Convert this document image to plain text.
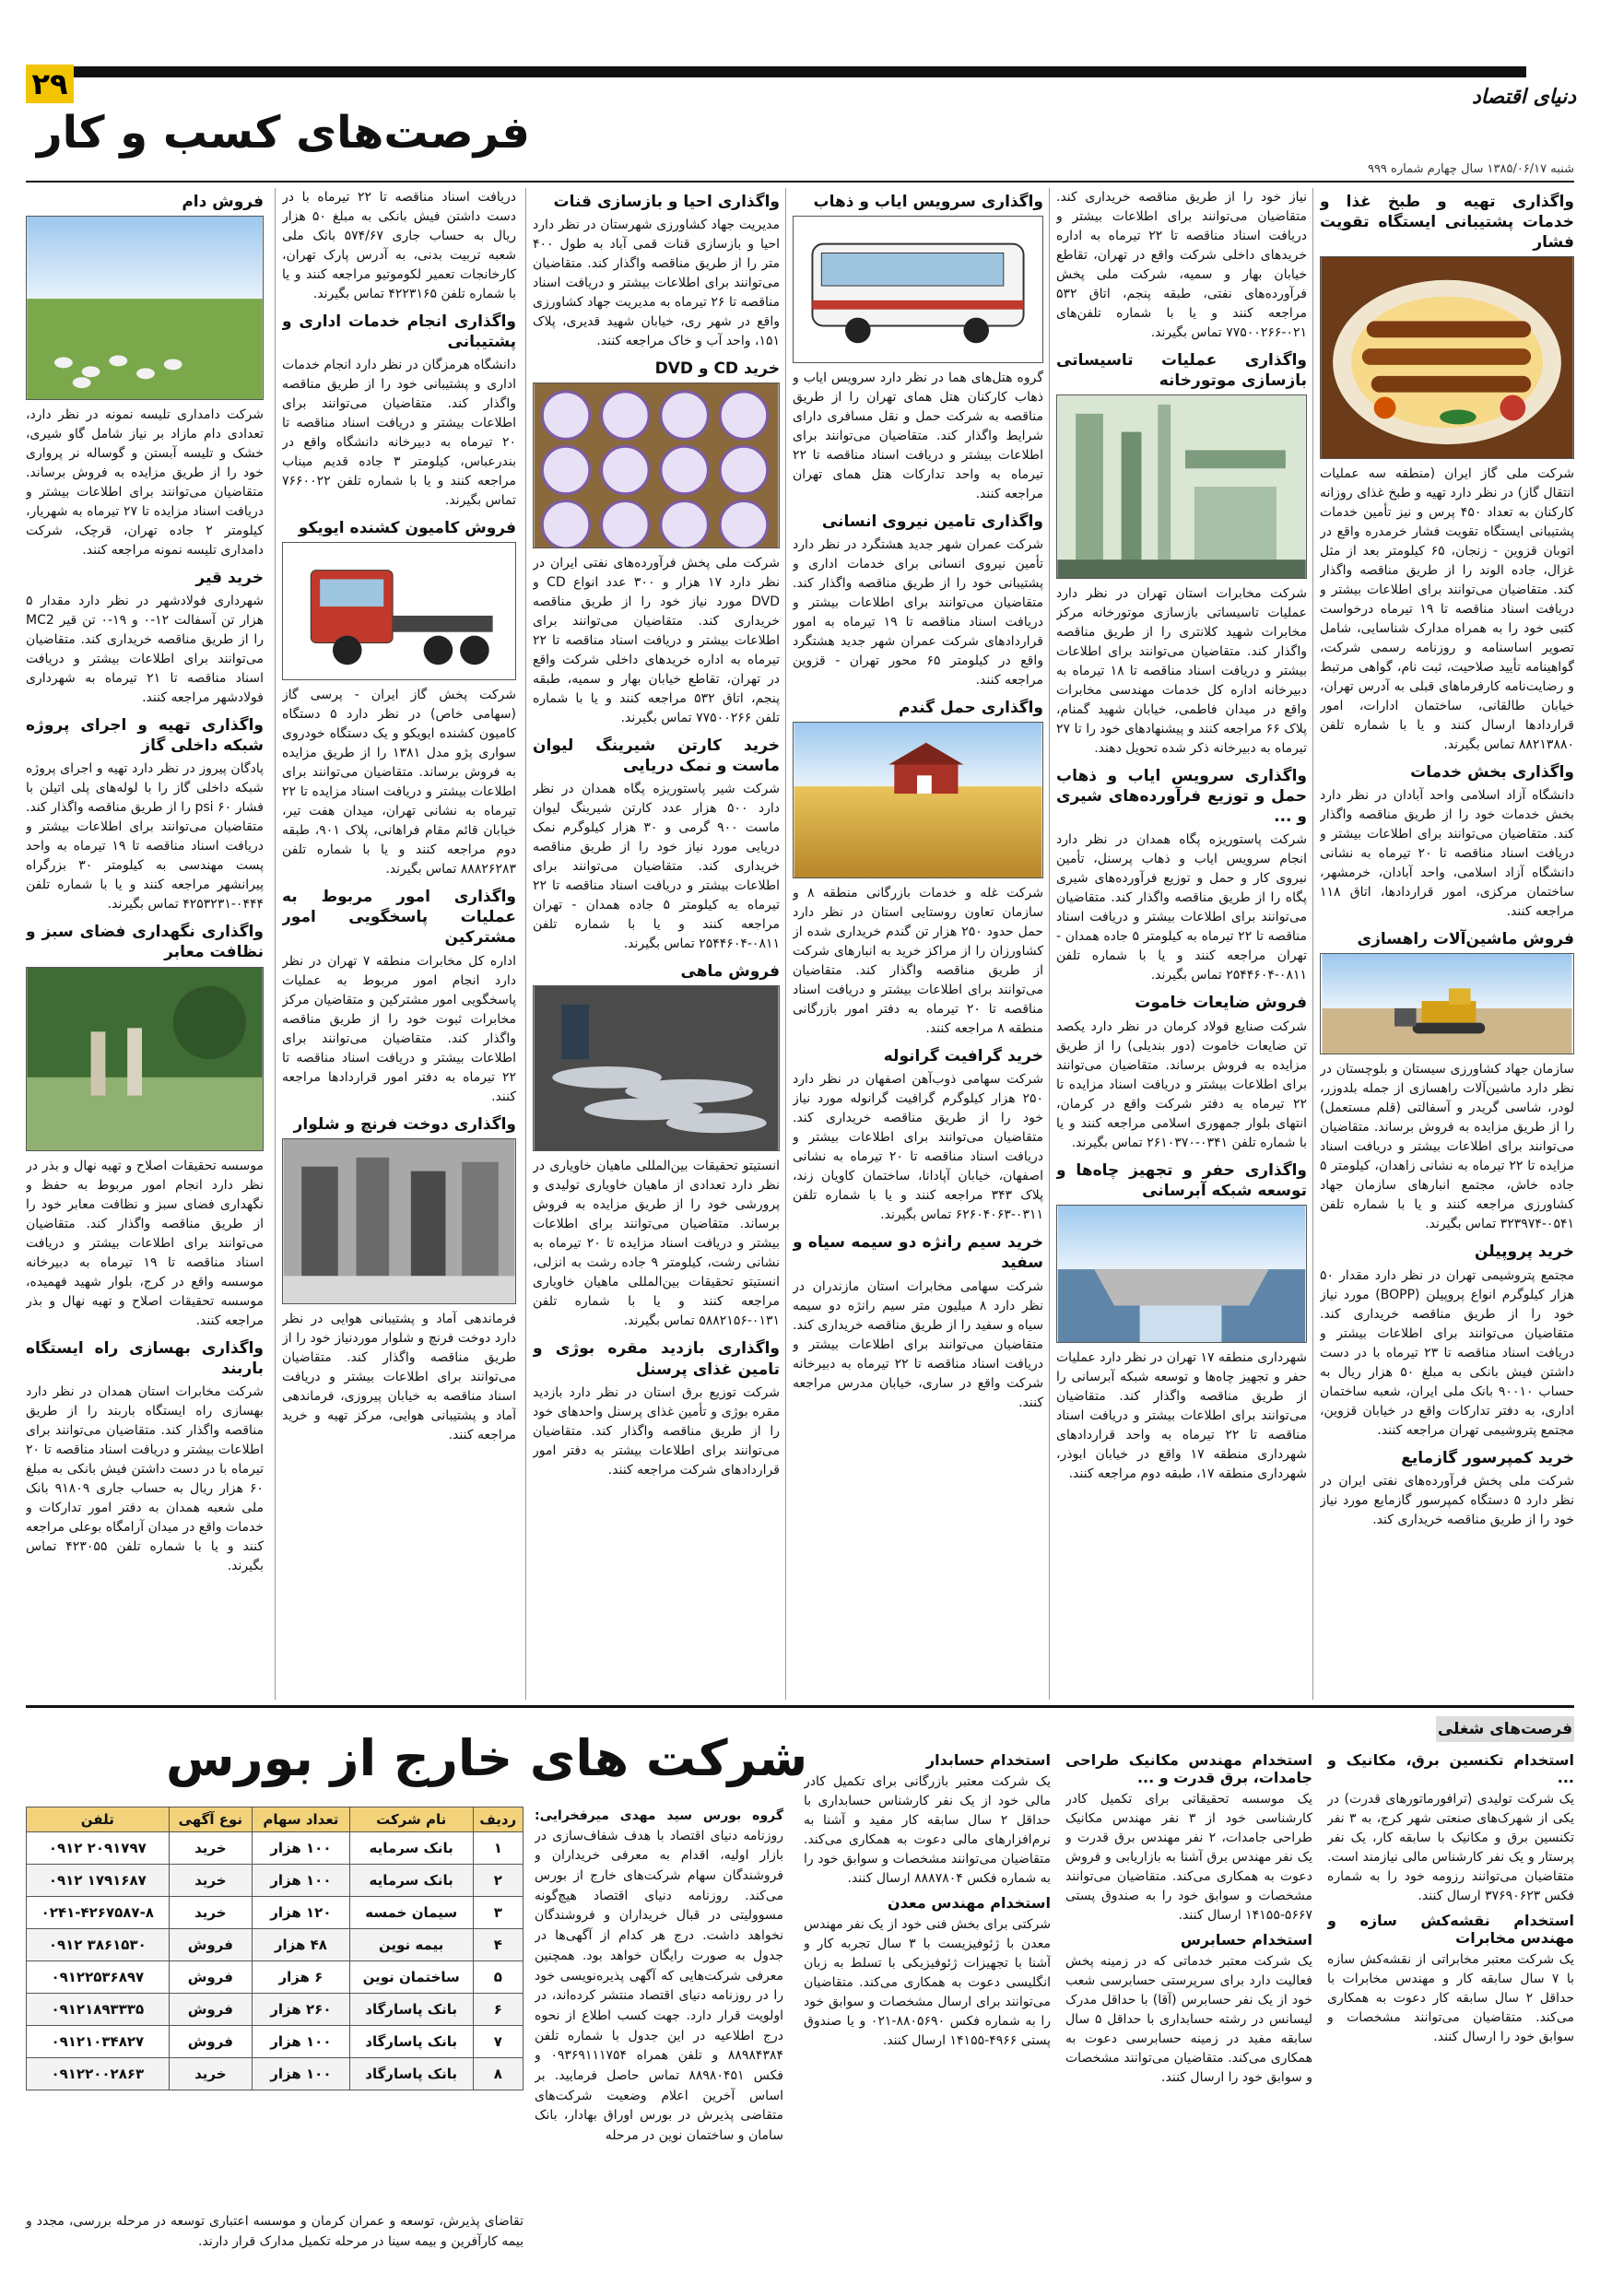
۲۹	دنیای اقتصاد
فرصت‌های کسب و کار
شنبه ۱۳۸۵/۰۶/۱۷ سال چهارم شماره ۹۹۹
واگذاری تهیه و طبخ غذا و خدمات پشتیبانی ایستگاه تقویت فشار

شرکت ملی گاز ایران (منطقه سه عملیات انتقال گاز) در نظر دارد تهیه و طبخ غذای روزانه کارکنان به تعداد ۴۵۰ پرس و نیز تأمین خدمات پشتیبانی ایستگاه تقویت فشار خرمدره واقع در اتوبان قزوین - زنجان، ۶۵ کیلومتر بعد از مثل غزال، جاده الوند را از طریق مناقصه واگذار کند. متقاضیان می‌توانند برای اطلاعات بیشتر و دریافت اسناد مناقصه تا ۱۹ تیرماه درخواست کتبی خود را به همراه مدارک شناسایی، شامل تصویر اساسنامه و روزنامه رسمی شرکت، گواهینامه تأیید صلاحیت، ثبت نام، گواهی مرتبط و رضایت‌نامه کارفرماهای قبلی به آدرس تهران، خیابان طالقانی، ساختمان ادارات، امور قراردادها ارسال کنند و یا با شماره تلفن ۸۸۲۱۳۸۸۰ تماس بگیرند.

واگذاری بخش خدمات

دانشگاه آزاد اسلامی واحد آبادان در نظر دارد بخش خدمات خود را از طریق مناقصه واگذار کند. متقاضیان می‌توانند برای اطلاعات بیشتر و دریافت اسناد مناقصه تا ۲۰ تیرماه به نشانی دانشگاه آزاد اسلامی، واحد آبادان، خرمشهر، ساختمان مرکزی، امور قراردادها، اتاق ۱۱۸ مراجعه کنند.

فروش ماشین‌آلات راهسازی

سازمان جهاد کشاورزی سیستان و بلوچستان در نظر دارد ماشین‌آلات راهسازی از جمله بلدوزر، لودر، شاسی گریدر و آسفالتی (قلم مستعمل) را از طریق مزایده به فروش برساند. متقاضیان می‌توانند برای اطلاعات بیشتر و دریافت اسناد مزایده تا ۲۲ تیرماه به نشانی زاهدان، کیلومتر ۵ جاده خاش، مجتمع انبارهای سازمان جهاد کشاورزی مراجعه کنند و یا با شماره تلفن ۰۵۴۱-۳۲۳۹۷۴ تماس بگیرند.

خرید پروپیلن

مجتمع پتروشیمی تهران در نظر دارد مقدار ۵۰ هزار کیلوگرم انواع پروپیلن (BOPP) مورد نیاز خود را از طریق مناقصه خریداری کند. متقاضیان می‌توانند برای اطلاعات بیشتر و دریافت اسناد مناقصه تا ۲۳ تیرماه با در دست داشتن فیش بانکی به مبلغ ۵۰ هزار ریال به حساب ۹۰۰۱۰ بانک ملی ایران، شعبه ساختمان اداری، به دفتر تدارکات واقع در خیابان قزوین، مجتمع پتروشیمی تهران مراجعه کنند.

خرید کمپرسور گازمایع

شرکت ملی پخش فرآورده‌های نفتی ایران در نظر دارد ۵ دستگاه کمپرسور گازمایع مورد نیاز خود را از طریق مناقصه خریداری کند.

نیاز خود را از طریق مناقصه خریداری کند. متقاضیان می‌توانند برای اطلاعات بیشتر و دریافت اسناد مناقصه تا ۲۲ تیرماه به اداره خریدهای داخلی شرکت واقع در تهران، تقاطع خیابان بهار و سمیه، شرکت ملی پخش فرآورده‌های نفتی، طبقه پنجم، اتاق ۵۳۲ مراجعه کنند و یا با شماره تلفن‌های ۰۲۱-۷۷۵۰۰۲۶۶ تماس بگیرند.

واگذاری عملیات تاسیساتی بازسازی موتورخانه

شرکت مخابرات استان تهران در نظر دارد عملیات تاسیساتی بازسازی موتورخانه مرکز مخابرات شهید کلانتری را از طریق مناقصه واگذار کند. متقاضیان می‌توانند برای اطلاعات بیشتر و دریافت اسناد مناقصه تا ۱۸ تیرماه به دبیرخانه اداره کل خدمات مهندسی مخابرات واقع در میدان فاطمی، خیابان شهید گمنام، پلاک ۶۶ مراجعه کنند و پیشنهادهای خود را تا ۲۷ تیرماه به دبیرخانه ذکر شده تحویل دهند.

واگذاری سرویس ایاب و ذهاب حمل و توزیع فرآورده‌های شیری و ...

شرکت پاستوریزه پگاه همدان در نظر دارد انجام سرویس ایاب و ذهاب پرسنل، تأمین نیروی کار و حمل و توزیع فرآورده‌های شیری پگاه را از طریق مناقصه واگذار کند. متقاضیان می‌توانند برای اطلاعات بیشتر و دریافت اسناد مناقصه تا ۲۲ تیرماه به کیلومتر ۵ جاده همدان - تهران مراجعه کنند و یا با شماره تلفن ۰۸۱۱-۲۵۴۴۶۰۴ تماس بگیرند.

فروش ضایعات خاموت

شرکت صنایع فولاد کرمان در نظر دارد یکصد تن ضایعات خاموت (دور بندیلی) را از طریق مزایده به فروش برساند. متقاضیان می‌توانند برای اطلاعات بیشتر و دریافت اسناد مزایده تا ۲۲ تیرماه به دفتر شرکت واقع در کرمان، انتهای بلوار جمهوری اسلامی مراجعه کنند و یا با شماره تلفن ۰۳۴۱-۲۶۱۰۳۷۰ تماس بگیرند.

واگذاری حفر و تجهیز چاه‌ها و توسعه شبکه آبرسانی

شهرداری منطقه ۱۷ تهران در نظر دارد عملیات حفر و تجهیز چاه‌ها و توسعه شبکه آبرسانی را از طریق مناقصه واگذار کند. متقاضیان می‌توانند برای اطلاعات بیشتر و دریافت اسناد مناقصه تا ۲۲ تیرماه به واحد قراردادهای شهرداری منطقه ۱۷ واقع در خیابان ابوذر، شهرداری منطقه ۱۷، طبقه دوم مراجعه کنند.

واگذاری سرویس ایاب و ذهاب

گروه هتل‌های هما در نظر دارد سرویس ایاب و ذهاب کارکنان هتل همای تهران را از طریق مناقصه به شرکت حمل و نقل مسافری دارای شرایط واگذار کند. متقاضیان می‌توانند برای اطلاعات بیشتر و دریافت اسناد مناقصه تا ۲۲ تیرماه به واحد تدارکات هتل همای تهران مراجعه کنند.

واگذاری تامین نیروی انسانی

شرکت عمران شهر جدید هشتگرد در نظر دارد تأمین نیروی انسانی برای خدمات اداری و پشتیبانی خود را از طریق مناقصه واگذار کند. متقاضیان می‌توانند برای اطلاعات بیشتر و دریافت اسناد مناقصه تا ۱۹ تیرماه به امور قراردادهای شرکت عمران شهر جدید هشتگرد واقع در کیلومتر ۶۵ محور تهران - قزوین مراجعه کنند.

واگذاری حمل گندم

شرکت غله و خدمات بازرگانی منطقه ۸ و سازمان تعاون روستایی استان در نظر دارد حمل حدود ۲۵۰ هزار تن گندم خریداری شده از کشاورزان را از مراکز خرید به انبارهای شرکت از طریق مناقصه واگذار کند. متقاضیان می‌توانند برای اطلاعات بیشتر و دریافت اسناد مناقصه تا ۲۰ تیرماه به دفتر امور بازرگانی منطقه ۸ مراجعه کنند.

خرید گرافیت گرانوله

شرکت سهامی ذوب‌آهن اصفهان در نظر دارد ۲۵۰ هزار کیلوگرم گرافیت گرانوله مورد نیاز خود را از طریق مناقصه خریداری کند. متقاضیان می‌توانند برای اطلاعات بیشتر و دریافت اسناد مناقصه تا ۲۰ تیرماه به نشانی اصفهان، خیابان آپادانا، ساختمان کاویان زند، پلاک ۳۴۳ مراجعه کنند و یا با شماره تلفن ۰۳۱۱-۶۲۶۰۴۰۶۳ تماس بگیرند.

خرید سیم رانژه دو سیمه سیاه و سفید

شرکت سهامی مخابرات استان مازندران در نظر دارد ۸ میلیون متر سیم رانژه دو سیمه سیاه و سفید را از طریق مناقصه خریداری کند. متقاضیان می‌توانند برای اطلاعات بیشتر و دریافت اسناد مناقصه تا ۲۲ تیرماه به دبیرخانه شرکت واقع در ساری، خیابان مدرس مراجعه کنند.

واگذاری احیا و بازسازی قنات

مدیریت جهاد کشاورزی شهرستان در نظر دارد احیا و بازسازی قنات قمی آباد به طول ۴۰۰ متر را از طریق مناقصه واگذار کند. متقاضیان می‌توانند برای اطلاعات بیشتر و دریافت اسناد مناقصه تا ۲۶ تیرماه به مدیریت جهاد کشاورزی واقع در شهر ری، خیابان شهید قدیری، پلاک ۱۵۱، واحد آب و خاک مراجعه کنند.

خرید CD و DVD

شرکت ملی پخش فرآورده‌های نفتی ایران در نظر دارد ۱۷ هزار و ۳۰۰ عدد انواع CD و DVD مورد نیاز خود را از طریق مناقصه خریداری کند. متقاضیان می‌توانند برای اطلاعات بیشتر و دریافت اسناد مناقصه تا ۲۲ تیرماه به اداره خریدهای داخلی شرکت واقع در تهران، تقاطع خیابان بهار و سمیه، طبقه پنجم، اتاق ۵۳۲ مراجعه کنند و یا با شماره تلفن ۷۷۵۰۰۲۶۶ تماس بگیرند.

خرید کارتن شیرینگ لیوان ماست و نمک دریایی

شرکت شیر پاستوریزه پگاه همدان در نظر دارد ۵۰۰ هزار عدد کارتن شیرینگ لیوان ماست ۹۰۰ گرمی و ۳۰ هزار کیلوگرم نمک دریایی مورد نیاز خود را از طریق مناقصه خریداری کند. متقاضیان می‌توانند برای اطلاعات بیشتر و دریافت اسناد مناقصه تا ۲۲ تیرماه به کیلومتر ۵ جاده همدان - تهران مراجعه کنند و یا با شماره تلفن ۰۸۱۱-۲۵۴۴۶۰۴ تماس بگیرند.

فروش ماهی

انستیتو تحقیقات بین‌المللی ماهیان خاویاری در نظر دارد تعدادی از ماهیان خاویاری تولیدی و پرورشی خود را از طریق مزایده به فروش برساند. متقاضیان می‌توانند برای اطلاعات بیشتر و دریافت اسناد مزایده تا ۲۰ تیرماه به نشانی رشت، کیلومتر ۹ جاده رشت به انزلی، انستیتو تحقیقات بین‌المللی ماهیان خاویاری مراجعه کنند و یا با شماره تلفن ۰۱۳۱-۵۸۸۲۱۵۶ تماس بگیرند.

واگذاری بازدید مقره بوژی و تامین غذای پرسنل

شرکت توزیع برق استان در نظر دارد بازدید مقره بوژی و تأمین غذای پرسنل واحدهای خود را از طریق مناقصه واگذار کند. متقاضیان می‌توانند برای اطلاعات بیشتر به دفتر امور قراردادهای شرکت مراجعه کنند.

دریافت اسناد مناقصه تا ۲۲ تیرماه با در دست داشتن فیش بانکی به مبلغ ۵۰ هزار ریال به حساب جاری ۵۷۴/۶۷ بانک ملی شعبه تربیت بدنی، به آدرس پارک تهران، کارخانجات تعمیر لکوموتیو مراجعه کنند و یا با شماره تلفن ۴۲۲۳۱۶۵ تماس بگیرند.

واگذاری انجام خدمات اداری و پشتیبانی

دانشگاه هرمزگان در نظر دارد انجام خدمات اداری و پشتیبانی خود را از طریق مناقصه واگذار کند. متقاضیان می‌توانند برای اطلاعات بیشتر و دریافت اسناد مناقصه تا ۲۰ تیرماه به دبیرخانه دانشگاه واقع در بندرعباس، کیلومتر ۳ جاده قدیم میناب مراجعه کنند و یا با شماره تلفن ۷۶۶۰۰۲۲ تماس بگیرند.

فروش کامیون کشنده ایویکو

شرکت پخش گاز ایران - پرسی گاز (سهامی خاص) در نظر دارد ۵ دستگاه کامیون کشنده ایویکو و یک دستگاه خودروی سواری پژو مدل ۱۳۸۱ را از طریق مزایده به فروش برساند. متقاضیان می‌توانند برای اطلاعات بیشتر و دریافت اسناد مزایده تا ۲۲ تیرماه به نشانی تهران، میدان هفت تیر، خیابان قائم مقام فراهانی، پلاک ۹۰۱، طبقه دوم مراجعه کنند و یا با شماره تلفن ۸۸۸۲۶۲۸۳ تماس بگیرند.

واگذاری امور مربوط به عملیات پاسخگویی امور مشترکین

اداره کل مخابرات منطقه ۷ تهران در نظر دارد انجام امور مربوط به عملیات پاسخگویی امور مشترکین و متقاضیان مرکز مخابرات ثبوت خود را از طریق مناقصه واگذار کند. متقاضیان می‌توانند برای اطلاعات بیشتر و دریافت اسناد مناقصه تا ۲۲ تیرماه به دفتر امور قراردادها مراجعه کنند.

واگذاری دوخت فرنچ و شلوار

فرماندهی آماد و پشتیبانی هوایی در نظر دارد دوخت فرنچ و شلوار موردنیاز خود را از طریق مناقصه واگذار کند. متقاضیان می‌توانند برای اطلاعات بیشتر و دریافت اسناد مناقصه به خیابان پیروزی، فرماندهی آماد و پشتیبانی هوایی، مرکز تهیه و خرید مراجعه کنند.

فروش دام

شرکت دامداری تلیسه نمونه در نظر دارد، تعدادی دام مازاد بر نیاز شامل گاو شیری، خشک و تلیسه آبستن و گوساله نر پرواری خود را از طریق مزایده به فروش برساند. متقاضیان می‌توانند برای اطلاعات بیشتر و دریافت اسناد مزایده تا ۲۷ تیرماه به شهریار، کیلومتر ۲ جاده تهران، قرچک، شرکت دامداری تلیسه نمونه مراجعه کنند.

خرید قیر

شهرداری فولادشهر در نظر دارد مقدار ۵ هزار تن آسفالت ۱۲-۰ و ۱۹-۰ تن قیر MC2 را از طریق مناقصه خریداری کند. متقاضیان می‌توانند برای اطلاعات بیشتر و دریافت اسناد مناقصه تا ۲۱ تیرماه به شهرداری فولادشهر مراجعه کنند.

واگذاری تهیه و اجرای پروژه شبکه داخلی گاز

پادگان پیروز در نظر دارد تهیه و اجرای پروژه شبکه داخلی گاز را با لوله‌های پلی اتیلن با فشار ۶۰ psi را از طریق مناقصه واگذار کند. متقاضیان می‌توانند برای اطلاعات بیشتر و دریافت اسناد مناقصه تا ۱۹ تیرماه به واحد پست مهندسی به کیلومتر ۳۰ بزرگراه پیرانشهر مراجعه کنند و یا با شماره تلفن ۰۴۴۴-۴۲۵۳۲۳۱ تماس بگیرند.

واگذاری نگهداری فضای سبز و نظافت معابر

موسسه تحقیقات اصلاح و تهیه نهال و بذر در نظر دارد انجام امور مربوط به حفظ و نگهداری فضای سبز و نظافت معابر خود را از طریق مناقصه واگذار کند. متقاضیان می‌توانند برای اطلاعات بیشتر و دریافت اسناد مناقصه تا ۱۹ تیرماه به دبیرخانه موسسه واقع در کرج، بلوار شهید فهمیده، موسسه تحقیقات اصلاح و تهیه نهال و بذر مراجعه کنند.

واگذاری بهسازی راه ایستگاه باربند

شرکت مخابرات استان همدان در نظر دارد بهسازی راه ایستگاه باربند را از طریق مناقصه واگذار کند. متقاضیان می‌توانند برای اطلاعات بیشتر و دریافت اسناد مناقصه تا ۲۰ تیرماه با در دست داشتن فیش بانکی به مبلغ ۶۰ هزار ریال به حساب جاری ۹۱۸۰۹ بانک ملی شعبه همدان به دفتر امور تدارکات و خدمات واقع در میدان آرامگاه بوعلی مراجعه کنند و یا با شماره تلفن ۴۲۳۰۵۵ تماس بگیرند.

فرصت‌های شغلی
استخدام تکنسین برق، مکانیک و ...

یک شرکت تولیدی (ترافورماتورهای قدرت) در یکی از شهرک‌های صنعتی شهر کرج، به ۳ نفر تکنسین برق و مکانیک با سابقه کار، یک نفر پرستار و یک نفر کارشناس مالی نیازمند است. متقاضیان می‌توانند رزومه خود را به شماره فکس ۳۷۶۹۰۶۲۳ ارسال کنند.

استخدام نقشه‌کش سازه و مهندس مخابرات

یک شرکت معتبر مخابراتی از نقشه‌کش سازه با ۷ سال سابقه کار و مهندس مخابرات با حداقل ۲ سال سابقه کار دعوت به همکاری می‌کند. متقاضیان می‌توانند مشخصات و سوابق خود را ارسال کنند.

استخدام مهندس مکانیک طراحی جامدات، برق قدرت و ...

یک موسسه تحقیقاتی برای تکمیل کادر کارشناسی خود از ۳ نفر مهندس مکانیک طراحی جامدات، ۲ نفر مهندس برق قدرت و یک نفر مهندس برق آشنا به بازاریابی و فروش دعوت به همکاری می‌کند. متقاضیان می‌توانند مشخصات و سوابق خود را به صندوق پستی ۵۶۶۷-۱۴۱۵۵ ارسال کنند.

استخدام حسابرس

یک شرکت معتبر خدماتی که در زمینه پخش فعالیت دارد برای سرپرستی حسابرسی شعب خود از یک نفر حسابرس (آقا) با حداقل مدرک لیسانس در رشته حسابداری با حداقل ۵ سال سابقه مفید در زمینه حسابرسی دعوت به همکاری می‌کند. متقاضیان می‌توانند مشخصات و سوابق خود را ارسال کنند.

استخدام حسابدار

یک شرکت معتبر بازرگانی برای تکمیل کادر مالی خود از یک نفر کارشناس حسابداری با حداقل ۲ سال سابقه کار مفید و آشنا به نرم‌افزارهای مالی دعوت به همکاری می‌کند. متقاضیان می‌توانند مشخصات و سوابق خود را به شماره فکس ۸۸۸۷۸۰۴ ارسال کنند.

استخدام مهندس معدن

شرکتی برای بخش فنی خود از یک نفر مهندس معدن با ژئوفیزیست با ۳ سال تجربه کار و آشنا با تجهیزات ژئوفیزیکی با تسلط به زبان انگلیسی دعوت به همکاری می‌کند. متقاضیان می‌توانند برای ارسال مشخصات و سوابق خود را به شماره فکس ۸۸۰۵۶۹۰-۰۲۱ و یا صندوق پستی ۴۹۶۶-۱۴۱۵۵ ارسال کنند.

شرکت های خارج از بورس
ردیف	نام شرکت	تعداد سهام	نوع آگهی	تلفن
۱	بانک سرمایه	۱۰۰ هزار	خرید	۰۹۱۲ ۲۰۹۱۷۹۷
۲	بانک سرمایه	۱۰۰ هزار	خرید	۰۹۱۲ ۱۷۹۱۶۸۷
۳	سیمان خمسه	۱۲۰ هزار	خرید	۰۲۴۱-۴۲۶۷۵۸۷-۸
۴	بیمه نوین	۴۸ هزار	فروش	۰۹۱۲ ۳۸۶۱۵۳۰
۵	ساختمان نوین	۶ هزار	فروش	۰۹۱۲۲۵۳۶۸۹۷
۶	بانک پاسارگاد	۲۶۰ هزار	فروش	۰۹۱۲۱۸۹۳۳۳۵
۷	بانک پاسارگاد	۱۰۰ هزار	فروش	۰۹۱۲۱۰۳۴۸۲۷
۸	بانک پاسارگاد	۱۰۰ هزار	خرید	۰۹۱۲۲۰۰۲۸۶۳
گروه بورس سید مهدی میرفخرایی: روزنامه دنیای اقتصاد با هدف شفاف‌سازی در بازار اولیه، اقدام به معرفی خریداران و فروشندگان سهام شرکت‌های خارج از بورس می‌کند. روزنامه دنیای اقتصاد هیچ‌گونه مسوولیتی در قبال خریداران و فروشندگان نخواهد داشت. درج هر کدام از آگهی‌ها در جدول به صورت رایگان خواهد بود. همچنین معرفی شرکت‌هایی که آگهی پذیره‌نویسی خود را در روزنامه دنیای اقتصاد منتشر کرده‌اند، در اولویت قرار دارد. جهت کسب اطلاع از نحوه درج اطلاعیه در این جدول با شماره تلفن ۸۸۹۸۴۳۸۴ و تلفن همراه ۰۹۳۶۹۱۱۱۷۵۴ و فکس ۸۸۹۸۰۴۵۱ تماس حاصل فرمایید. بر اساس آخرین اعلام وضعیت شرکت‌های متقاضی پذیرش در بورس اوراق بهادار، بانک سامان و ساختمان نوین در مرحله
تقاضای پذیرش، توسعه و عمران کرمان و موسسه اعتباری توسعه در مرحله بررسی، مجدد و بیمه کارآفرین و بیمه سینا در مرحله تکمیل مدارک قرار دارند.
